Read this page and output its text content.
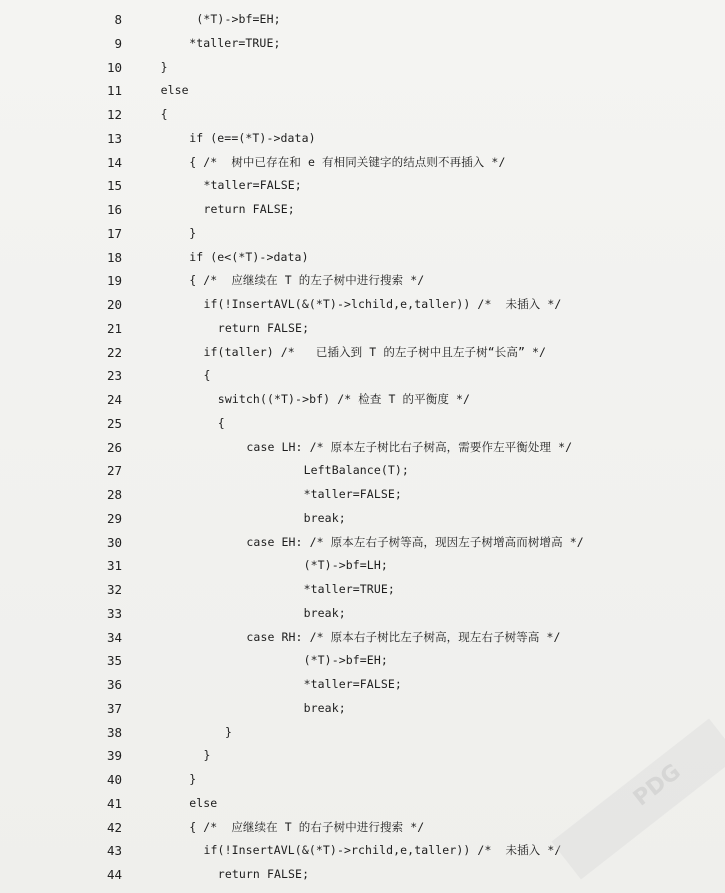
8	(*T)->bf=EH;
9	*taller=TRUE;
10	}
11	else
12	{
13	if (e==(*T)->data)
14	{ /*  树中已存在和 e 有相同关键字的结点则不再插入 */
15	*taller=FALSE;
16	return FALSE;
17	}
18	if (e<(*T)->data)
19	{ /*  应继续在 T 的左子树中进行搜索 */
20	if(!InsertAVL(&(*T)->lchild,e,taller)) /*  未插入 */
21	return FALSE;
22	if(taller) /*   已插入到 T 的左子树中且左子树“长高” */
23	{
24	switch((*T)->bf) /* 检查 T 的平衡度 */
25	{
26	case LH: /* 原本左子树比右子树高，需要作左平衡处理 */
27	LeftBalance(T);
28	*taller=FALSE;
29	break;
30	case EH: /* 原本左右子树等高，现因左子树增高而树增高 */
31	(*T)->bf=LH;
32	*taller=TRUE;
33	break;
34	case RH: /* 原本右子树比左子树高，现左右子树等高 */
35	(*T)->bf=EH;
36	*taller=FALSE;
37	break;
38	}
39	}
40	}
41	else
42	{ /*  应继续在 T 的右子树中进行搜索 */
43	if(!InsertAVL(&(*T)->rchild,e,taller)) /*  未插入 */
44	return FALSE;
PDG
